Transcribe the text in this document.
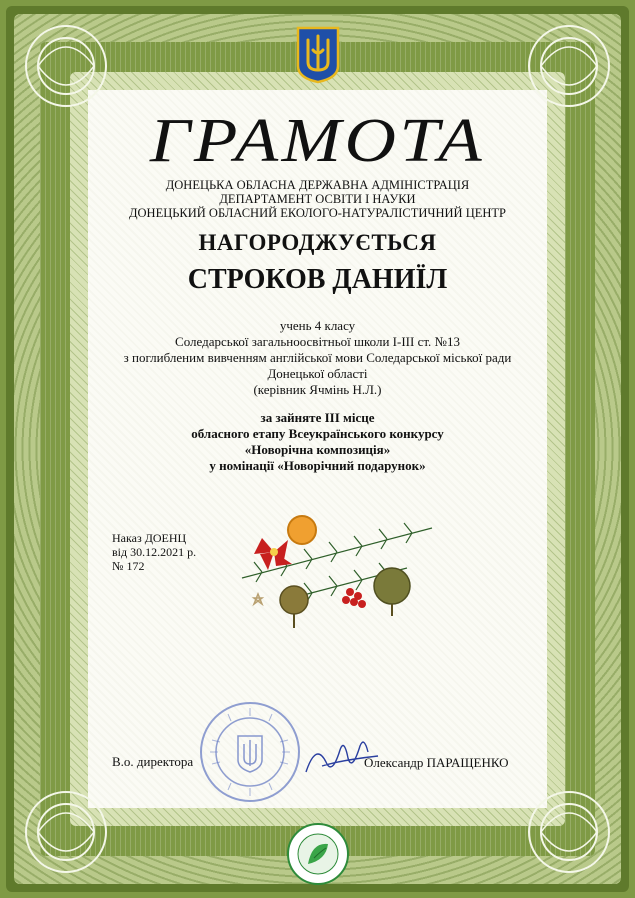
ГРАМОТА
ДОНЕЦЬКА ОБЛАСНА ДЕРЖАВНА АДМІНІСТРАЦІЯ
ДЕПАРТАМЕНТ ОСВІТИ І НАУКИ
ДОНЕЦЬКИЙ ОБЛАСНИЙ ЕКОЛОГО-НАТУРАЛІСТИЧНИЙ ЦЕНТР
НАГОРОДЖУЄТЬСЯ
СТРОКОВ ДАНИЇЛ
учень 4 класу
Соледарської загальноосвітньої школи І-ІІІ ст. №13
з поглибленим вивченням англійської мови Соледарської міської ради
Донецької області
(керівник Ячмінь Н.Л.)
за зайняте ІІІ місце
обласного етапу Всеукраїнського конкурсу
«Новорічна композиція»
у номінації «Новорічний подарунок»
Наказ ДОЕНЦ
від 30.12.2021 р.
№ 172
В.о. директора	Олександр ПАРАЩЕНКО
